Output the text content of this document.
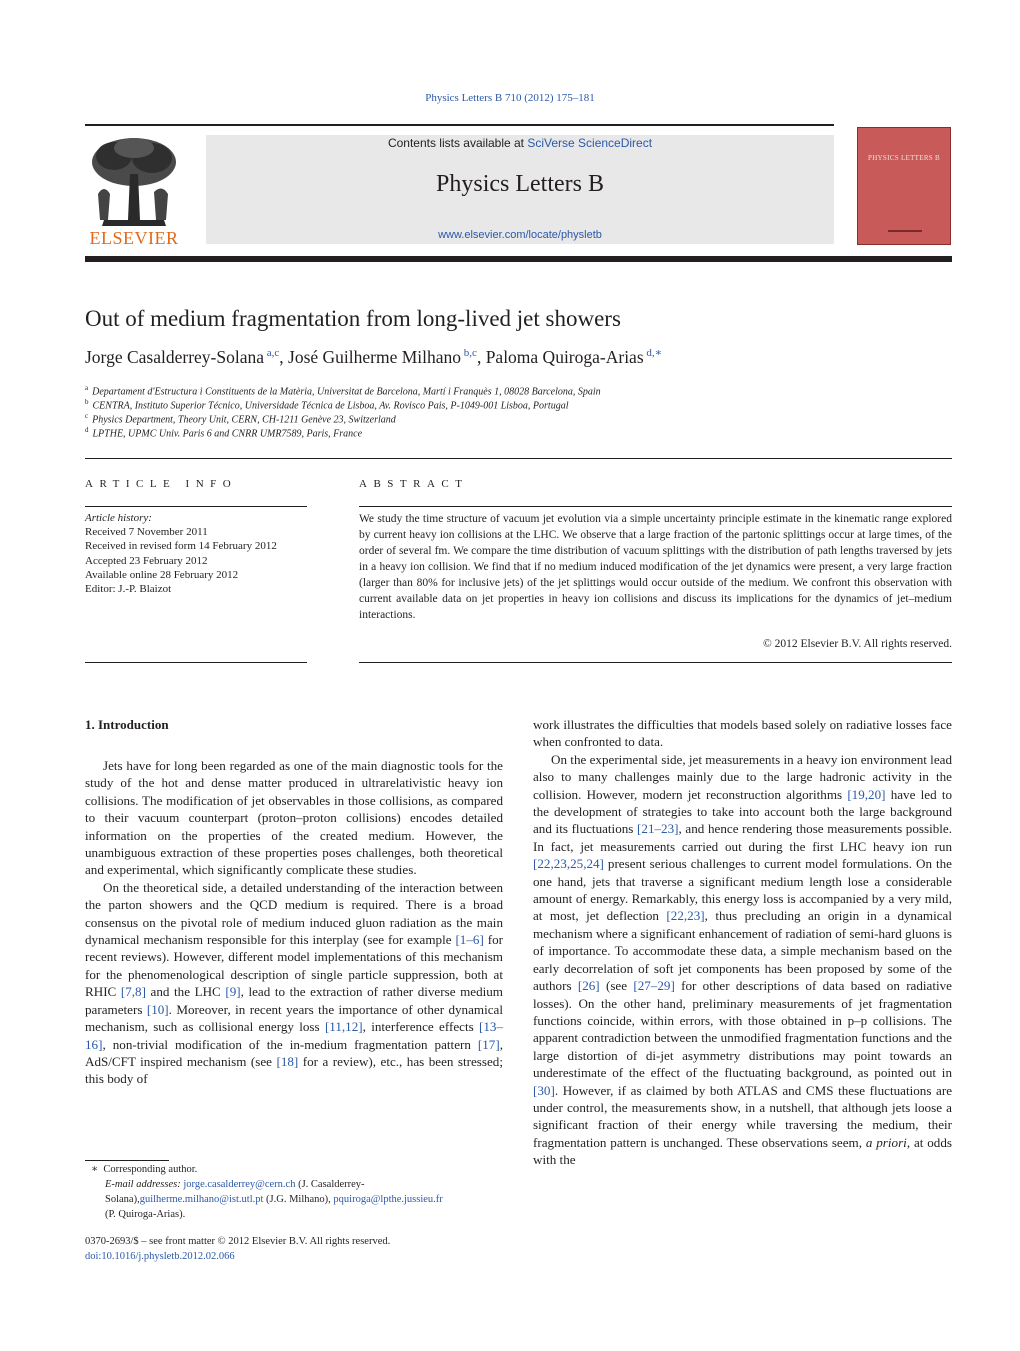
Physics Letters B 710 (2012) 175–181
ELSEVIER
Contents lists available at SciVerse ScienceDirect
Physics Letters B
www.elsevier.com/locate/physletb
PHYSICS LETTERS B
Out of medium fragmentation from long-lived jet showers
Jorge Casalderrey-Solana $^{a,c}$, José Guilherme Milhano $^{b,c}$, Paloma Quiroga-Arias $^{d,∗}$
$^a$ Departament d'Estructura i Constituents de la Matèria, Universitat de Barcelona, Martí i Franquès 1, 08028 Barcelona, Spain
$^b$ CENTRA, Instituto Superior Técnico, Universidade Técnica de Lisboa, Av. Rovisco Pais, P-1049-001 Lisboa, Portugal
$^c$ Physics Department, Theory Unit, CERN, CH-1211 Genève 23, Switzerland
$^d$ LPTHE, UPMC Univ. Paris 6 and CNRR UMR7589, Paris, France
ARTICLE INFO	ABSTRACT
Article history:
Received 7 November 2011
Received in revised form 14 February 2012
Accepted 23 February 2012
Available online 28 February 2012
Editor: J.-P. Blaizot
We study the time structure of vacuum jet evolution via a simple uncertainty principle estimate in the kinematic range explored by current heavy ion collisions at the LHC. We observe that a large fraction of the partonic splittings occur at large times, of the order of several fm. We compare the time distribution of vacuum splittings with the distribution of path lengths traversed by jets in a heavy ion collision. We find that if no medium induced modification of the jet dynamics were present, a very large fraction (larger than 80% for inclusive jets) of the jet splittings would occur outside of the medium. We confront this observation with current available data on jet properties in heavy ion collisions and discuss its implications for the dynamics of jet–medium interactions.
© 2012 Elsevier B.V. All rights reserved.
1. Introduction

Jets have for long been regarded as one of the main diagnostic tools for the study of the hot and dense matter produced in ultrarelativistic heavy ion collisions. The modification of jet observables in those collisions, as compared to their vacuum counterpart (proton–proton collisions) encodes detailed information on the properties of the created medium. However, the unambiguous extraction of these properties poses challenges, both theoretical and experimental, which significantly complicate these studies.

On the theoretical side, a detailed understanding of the interaction between the parton showers and the QCD medium is required. There is a broad consensus on the pivotal role of medium induced gluon radiation as the main dynamical mechanism responsible for this interplay (see for example [1–6] for recent reviews). However, different model implementations of this mechanism for the phenomenological description of single particle suppression, both at RHIC [7,8] and the LHC [9], lead to the extraction of rather diverse medium parameters [10]. Moreover, in recent years the importance of other dynamical mechanism, such as collisional energy loss [11,12], interference effects [13–16], non-trivial modification of the in-medium fragmentation pattern [17], AdS/CFT inspired mechanism (see [18] for a review), etc., has been stressed; this body of

work illustrates the difficulties that models based solely on radiative losses face when confronted to data.

On the experimental side, jet measurements in a heavy ion environment lead also to many challenges mainly due to the large hadronic activity in the collision. However, modern jet reconstruction algorithms [19,20] have led to the development of strategies to take into account both the large background and its fluctuations [21–23], and hence rendering those measurements possible. In fact, jet measurements carried out during the first LHC heavy ion run [22,23,25,24] present serious challenges to current model formulations. On the one hand, jets that traverse a significant medium length lose a considerable amount of energy. Remarkably, this energy loss is accompanied by a very mild, at most, jet deflection [22,23], thus precluding an origin in a dynamical mechanism where a significant enhancement of radiation of semi-hard gluons is of importance. To accommodate these data, a simple mechanism based on the early decorrelation of soft jet components has been proposed by some of the authors [26] (see [27–29] for other descriptions of data based on radiative losses). On the other hand, preliminary measurements of jet fragmentation functions coincide, within errors, with those obtained in p–p collisions. The apparent contradiction between the unmodified fragmentation functions and the large distortion of di-jet asymmetry distributions may point towards an underestimate of the effect of the fluctuating background, as pointed out in [30]. However, if as claimed by both ATLAS and CMS these fluctuations are under control, the measurements show, in a nutshell, that although jets loose a significant fraction of their energy while traversing the medium, their fragmentation pattern is unchanged. These observations seem, a priori, at odds with the

∗ Corresponding author.
E-mail addresses: jorge.casalderrey@cern.ch (J. Casalderrey-Solana),guilherme.milhano@ist.utl.pt (J.G. Milhano), pquiroga@lpthe.jussieu.fr
(P. Quiroga-Arias).
0370-2693/$ – see front matter © 2012 Elsevier B.V. All rights reserved.
doi:10.1016/j.physletb.2012.02.066
